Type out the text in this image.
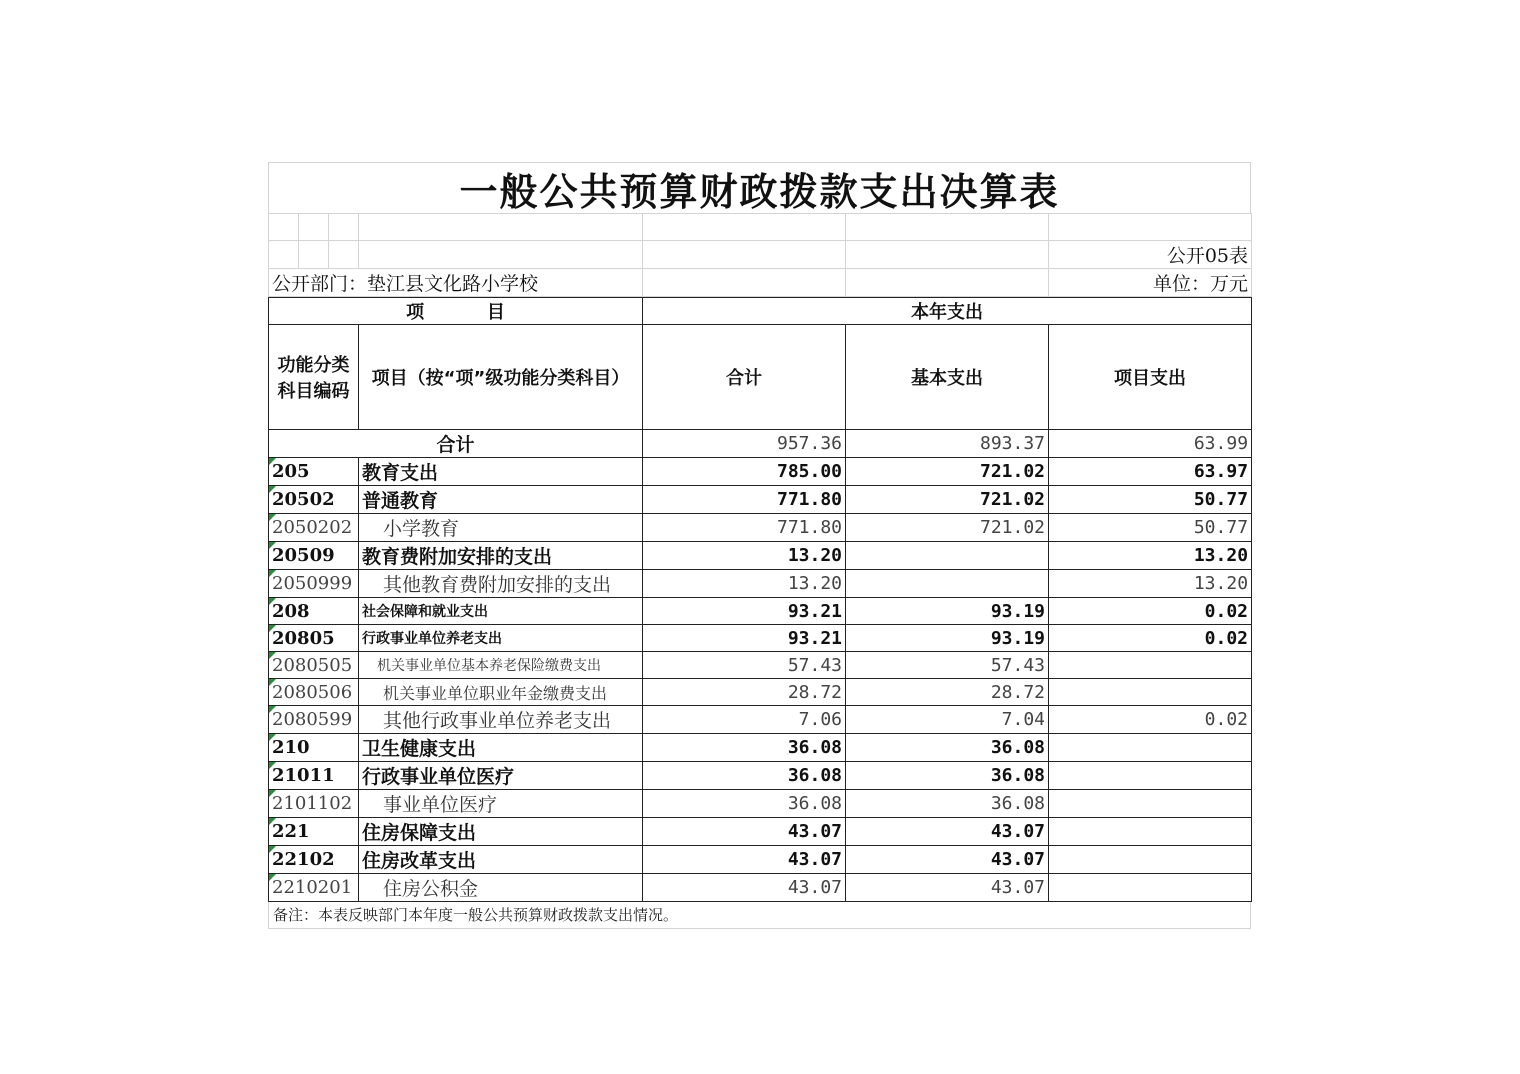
一般公共预算财政拨款支出决算表

						公开05表
公开部门：垫江县文化路小学校						单位：万元
项          目		本年支出		
功能分类科目编码	项目（按“项”级功能分类科目）	合计	基本支出	项目支出
合计		957.36	893.37	63.99
205	教育支出	785.00	721.02	63.97
20502	普通教育	771.80	721.02	50.77
2050202	小学教育	771.80	721.02	50.77
20509	教育费附加安排的支出	13.20		13.20
2050999	其他教育费附加安排的支出	13.20		13.20
208	社会保障和就业支出	93.21	93.19	0.02
20805	行政事业单位养老支出	93.21	93.19	0.02
2080505	机关事业单位基本养老保险缴费支出	57.43	57.43	
2080506	机关事业单位职业年金缴费支出	28.72	28.72	
2080599	其他行政事业单位养老支出	7.06	7.04	0.02
210	卫生健康支出	36.08	36.08	
21011	行政事业单位医疗	36.08	36.08	
2101102	事业单位医疗	36.08	36.08	
221	住房保障支出	43.07	43.07	
22102	住房改革支出	43.07	43.07	
2210201	住房公积金	43.07	43.07	
备注：本表反映部门本年度一般公共预算财政拨款支出情况。
